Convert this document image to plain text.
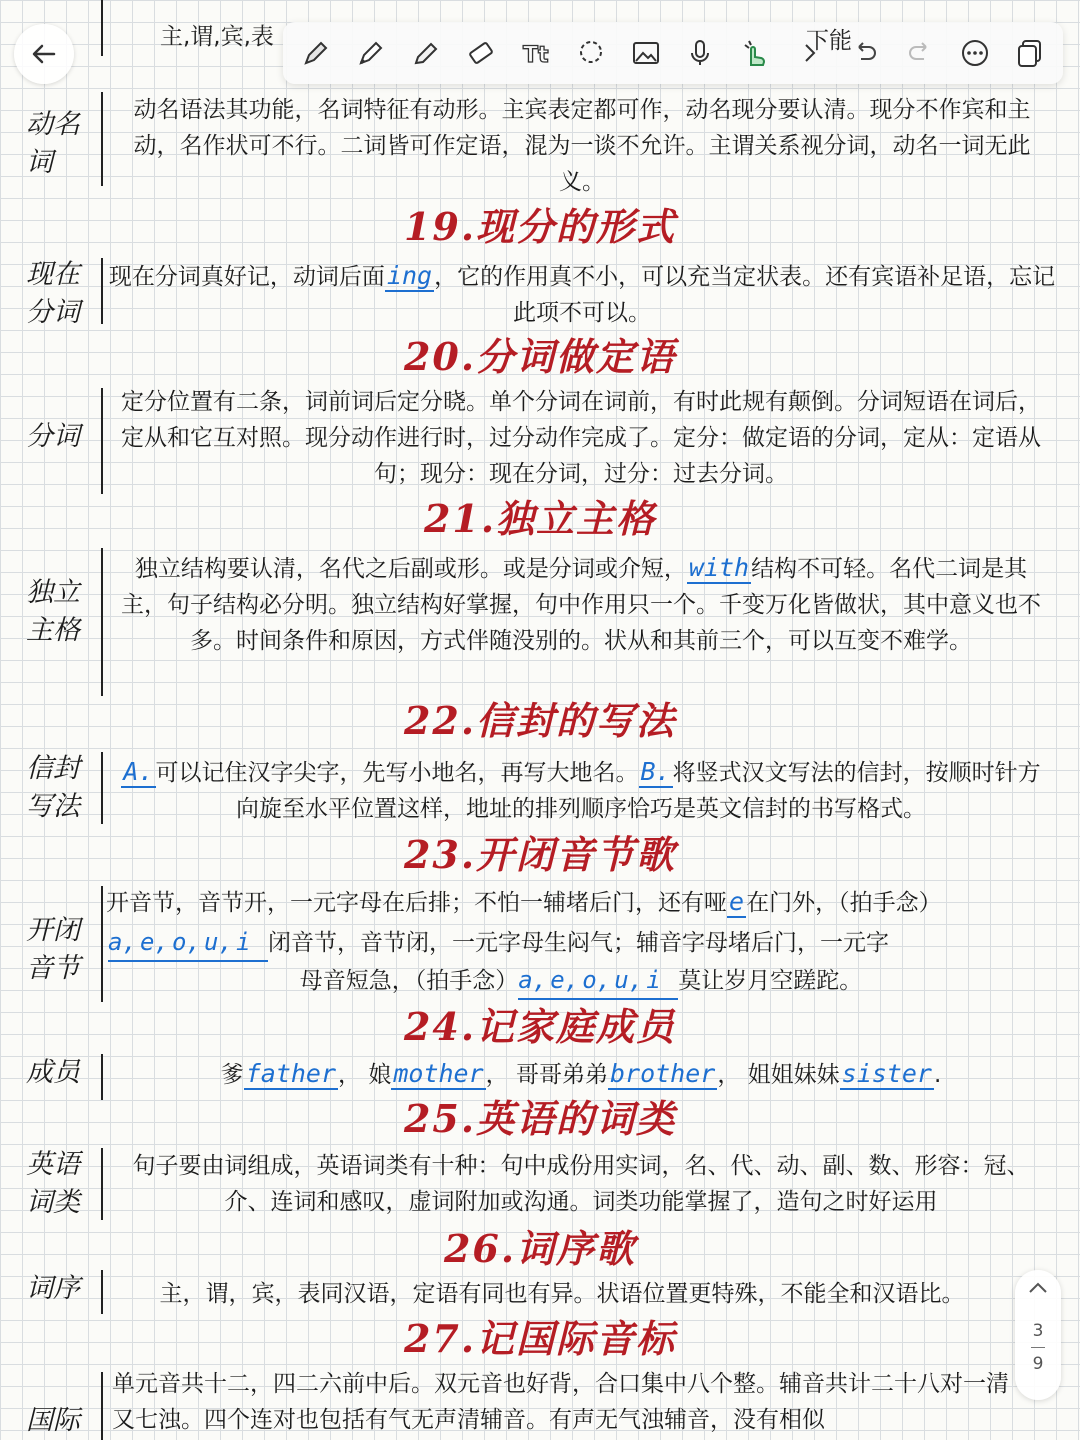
主,谓,宾,表
Tt
下能
动名
词
动名语法其功能，名词特征有动形。主宾表定都可作，动名现分要认清。现分不作宾和主动，名作状可不行。二词皆可作定语，混为一谈不允许。主谓关系视分词，动名一词无此义。
19.现分的形式
现在
分词
现在分词真好记，动词后面ing，它的作用真不小，可以充当定状表。还有宾语补足语，忘记此项不可以。
20.分词做定语
分词
定分位置有二条，词前词后定分晓。单个分词在词前，有时此规有颠倒。分词短语在词后，定从和它互对照。现分动作进行时，过分动作完成了。定分：做定语的分词，定从：定语从句；现分：现在分词，过分：过去分词。
21.独立主格
独立
主格
独立结构要认清，名代之后副或形。或是分词或介短，with结构不可轻。名代二词是其主，句子结构必分明。独立结构好掌握，句中作用只一个。千变万化皆做状，其中意义也不多。时间条件和原因，方式伴随没别的。状从和其前三个，可以互变不难学。
22.信封的写法
信封
写法
A.可以记住汉字尖字，先写小地名，再写大地名。B.将竖式汉文写法的信封，按顺时针方向旋至水平位置这样，地址的排列顺序恰巧是英文信封的书写格式。
23.开闭音节歌
开闭
音节
开音节，音节开，一元字母在后排；不怕一辅堵后门，还有哑e在门外，（拍手念）
a, e, o, u, i 闭音节，音节闭，一元字母生闷气；辅音字母堵后门，一元字
母音短急，（拍手念）a, e, o, u, i 莫让岁月空蹉跎。
24.记家庭成员
成员	爹father， 娘mother， 哥哥弟弟brother， 姐姐妹妹sister.
25.英语的词类
英语
词类
句子要由词组成，英语词类有十种：句中成份用实词，名、代、动、副、数、形容：冠、介、连词和感叹，虚词附加或沟通。词类功能掌握了，造句之时好运用
26.词序歌
词序	主，谓，宾，表同汉语，定语有同也有异。状语位置更特殊，不能全和汉语比。
27.记国际音标
国际
单元音共十二，四二六前中后。双元音也好背，合口集中八个整。辅音共计二十八对一清又七浊。四个连对也包括有气无声清辅音。有声无气浊辅音，没有相似
3
9
